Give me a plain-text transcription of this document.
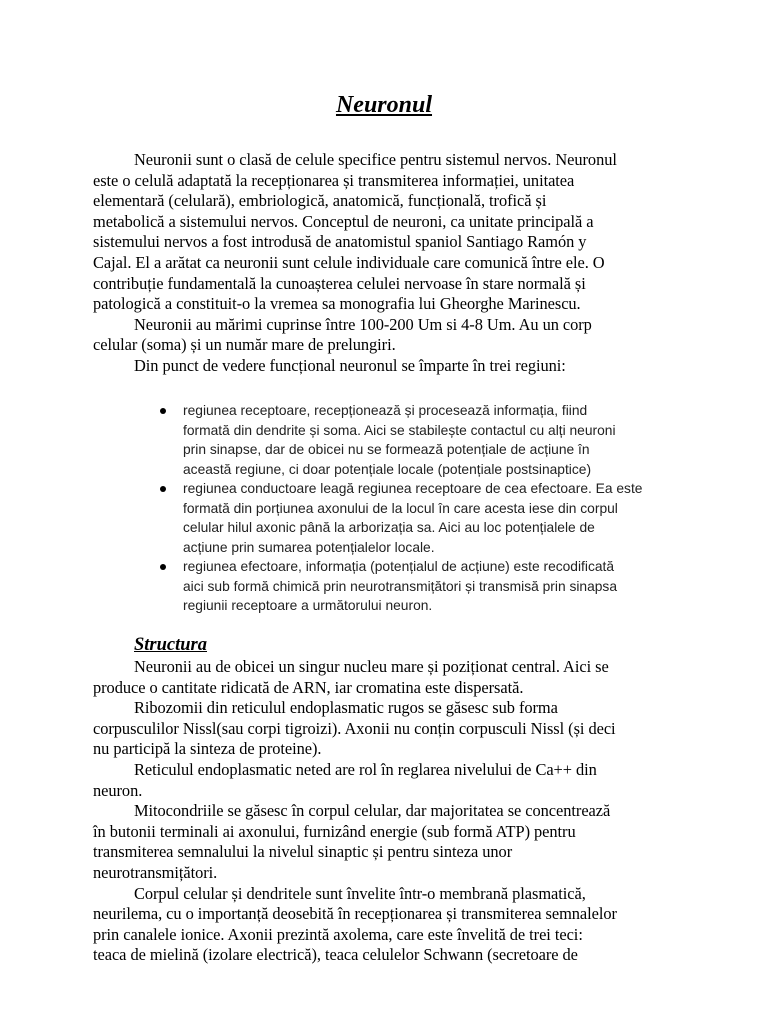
Neuronul
Neuronii sunt o clasă de celule specifice pentru sistemul nervos. Neuronul
este o celulă adaptată la recepționarea și transmiterea informației, unitatea
elementară (celulară), embriologică, anatomică, funcțională, trofică și
metabolică a sistemului nervos. Conceptul de neuroni, ca unitate principală a
sistemului nervos a fost introdusă de anatomistul spaniol Santiago Ramón y
Cajal. El a arătat ca neuronii sunt celule individuale care comunică între ele. O
contribuție fundamentală la cunoașterea celulei nervoase în stare normală și
patologică a constituit-o la vremea sa monografia lui Gheorghe Marinescu.
Neuronii au mărimi cuprinse între 100-200 Um si 4-8 Um. Au un corp
celular (soma) și un număr mare de prelungiri.
Din punct de vedere funcțional neuronul se împarte în trei regiuni:
regiunea receptoare, recepționează și procesează informația, fiind
formată din dendrite și soma. Aici se stabilește contactul cu alți neuroni
prin sinapse, dar de obicei nu se formează potențiale de acțiune în
această regiune, ci doar potențiale locale (potențiale postsinaptice)
regiunea conductoare leagă regiunea receptoare de cea efectoare. Ea este
formată din porțiunea axonului de la locul în care acesta iese din corpul
celular hilul axonic până la arborizația sa. Aici au loc potențialele de
acțiune prin sumarea potențialelor locale.
regiunea efectoare, informația (potențialul de acțiune) este recodificată
aici sub formă chimică prin neurotransmițători și transmisă prin sinapsa
regiunii receptoare a următorului neuron.
Structura
Neuronii au de obicei un singur nucleu mare și poziționat central. Aici se
produce o cantitate ridicată de ARN, iar cromatina este dispersată.
Ribozomii din reticulul endoplasmatic rugos se găsesc sub forma
corpusculilor Nissl(sau corpi tigroizi). Axonii nu conțin corpusculi Nissl (și deci
nu participă la sinteza de proteine).
Reticulul endoplasmatic neted are rol în reglarea nivelului de Ca++ din
neuron.
Mitocondriile se găsesc în corpul celular, dar majoritatea se concentrează
în butonii terminali ai axonului, furnizând energie (sub formă ATP) pentru
transmiterea semnalului la nivelul sinaptic și pentru sinteza unor
neurotransmițători.
Corpul celular și dendritele sunt învelite într-o membrană plasmatică,
neurilema, cu o importanță deosebită în recepționarea și transmiterea semnalelor
prin canalele ionice. Axonii prezintă axolema, care este învelită de trei teci:
teaca de mielină (izolare electrică), teaca celulelor Schwann (secretoare de
